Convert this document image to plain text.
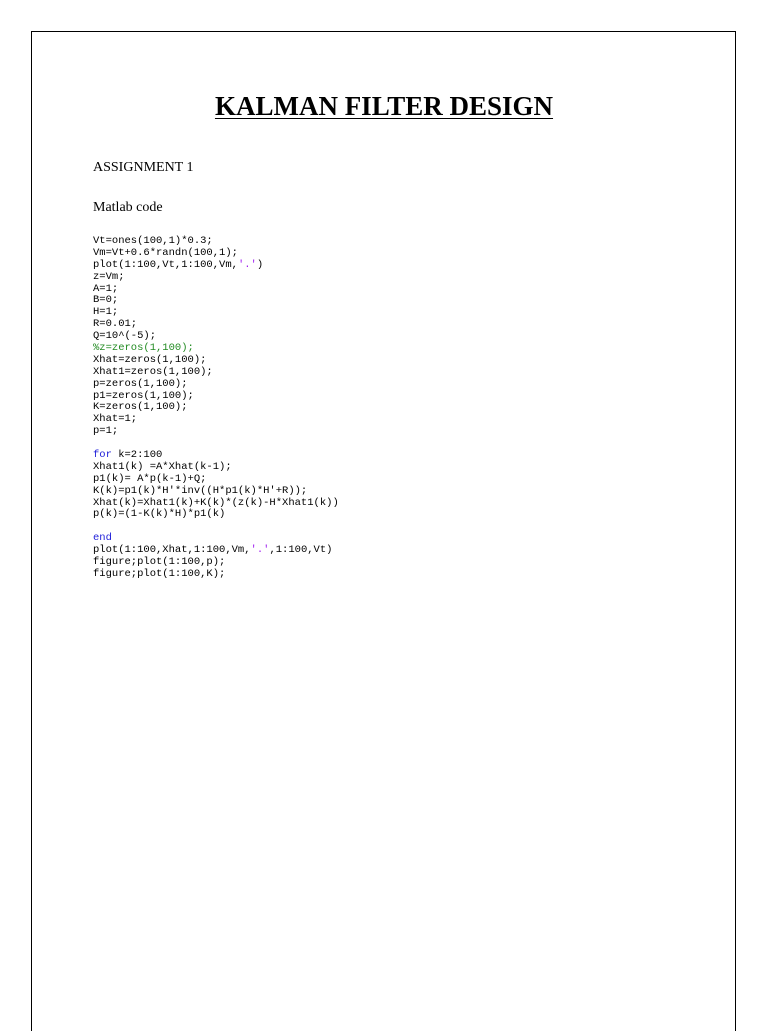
KALMAN FILTER DESIGN

ASSIGNMENT 1

Matlab code

Vt=ones(100,1)*0.3;
Vm=Vt+0.6*randn(100,1);
plot(1:100,Vt,1:100,Vm,'.')
z=Vm;
A=1;
B=0;
H=1;
R=0.01;
Q=10^(-5);
%z=zeros(1,100);
Xhat=zeros(1,100);
Xhat1=zeros(1,100);
p=zeros(1,100);
p1=zeros(1,100);
K=zeros(1,100);
Xhat=1;
p=1;
for k=2:100
Xhat1(k) =A*Xhat(k-1);
p1(k)= A*p(k-1)+Q;
K(k)=p1(k)*H'*inv((H*p1(k)*H'+R));
Xhat(k)=Xhat1(k)+K(k)*(z(k)-H*Xhat1(k))
p(k)=(1-K(k)*H)*p1(k)
end
plot(1:100,Xhat,1:100,Vm,'.',1:100,Vt)
figure;plot(1:100,p);
figure;plot(1:100,K);
